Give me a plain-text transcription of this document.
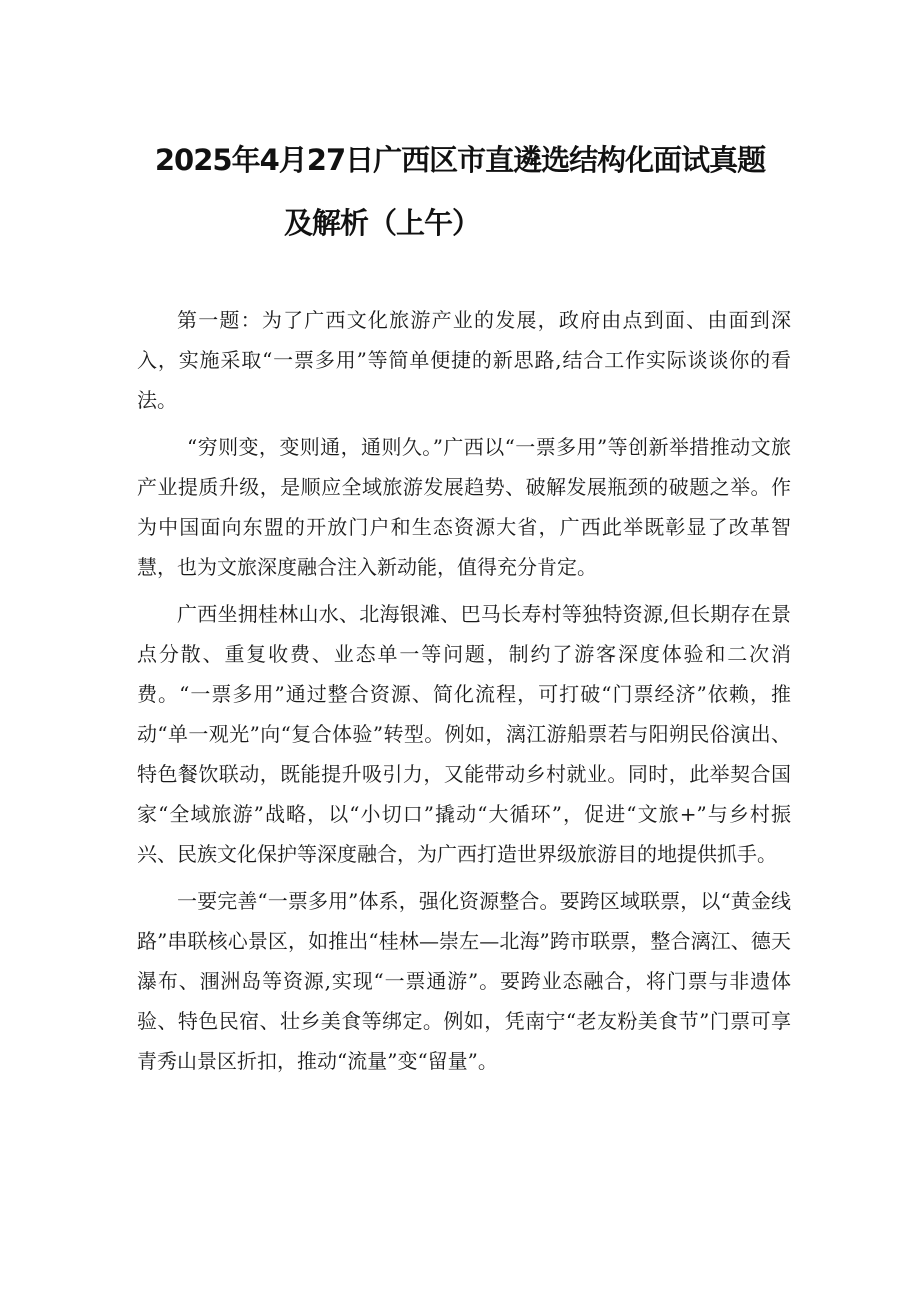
2025年4月27日广西区市直遴选结构化面试真题
及解析（上午）

第一题：为了广西文化旅游产业的发展，政府由点到面、由面到深入，实施采取“一票多用”等简单便捷的新思路,结合工作实际谈谈你的看法。

“穷则变，变则通，通则久。”广西以“一票多用”等创新举措推动文旅产业提质升级，是顺应全域旅游发展趋势、破解发展瓶颈的破题之举。作为中国面向东盟的开放门户和生态资源大省，广西此举既彰显了改革智慧，也为文旅深度融合注入新动能，值得充分肯定。

广西坐拥桂林山水、北海银滩、巴马长寿村等独特资源,但长期存在景点分散、重复收费、业态单一等问题，制约了游客深度体验和二次消费。“一票多用”通过整合资源、简化流程，可打破“门票经济”依赖，推动“单一观光”向“复合体验”转型。例如，漓江游船票若与阳朔民俗演出、特色餐饮联动，既能提升吸引力，又能带动乡村就业。同时，此举契合国家“全域旅游”战略，以“小切口”撬动“大循环”，促进“文旅+”与乡村振兴、民族文化保护等深度融合，为广西打造世界级旅游目的地提供抓手。

一要完善“一票多用”体系，强化资源整合。要跨区域联票，以“黄金线路”串联核心景区，如推出“桂林—崇左—北海”跨市联票，整合漓江、德天瀑布、涠洲岛等资源,实现“一票通游”。要跨业态融合，将门票与非遗体验、特色民宿、壮乡美食等绑定。例如，凭南宁“老友粉美食节”门票可享青秀山景区折扣，推动“流量”变“留量”。
